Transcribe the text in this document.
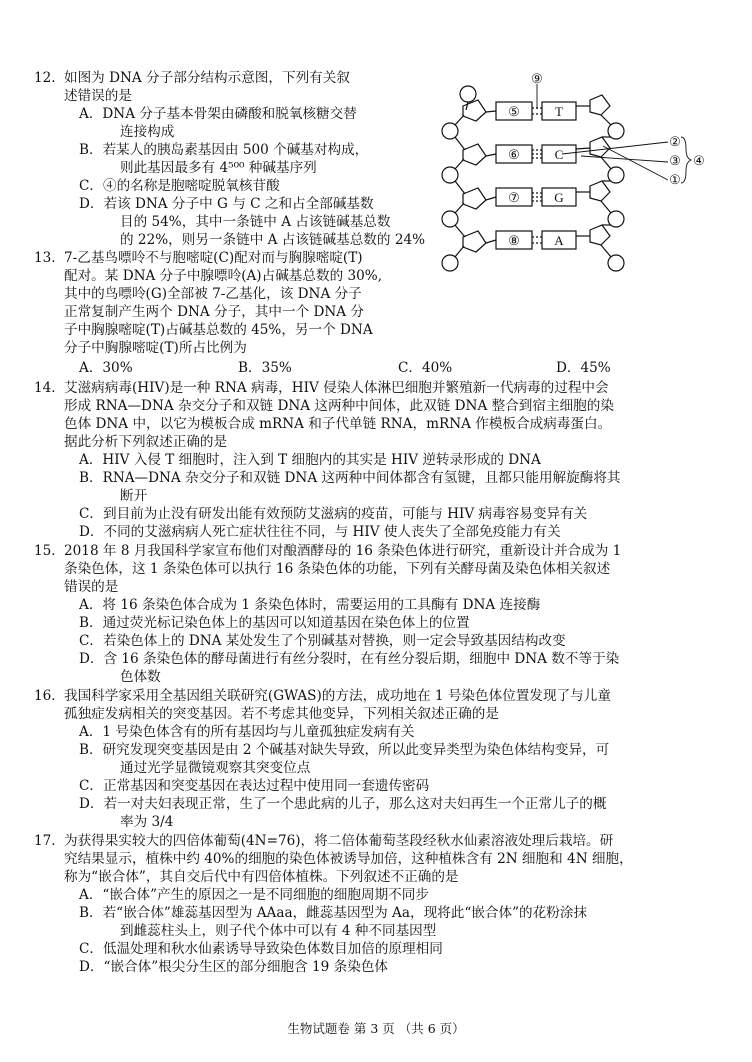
12. 如图为 DNA 分子部分结构示意图，下列有关叙
述错误的是
A．DNA 分子基本骨架由磷酸和脱氧核糖交替
连接构成
B．若某人的胰岛素基因由 500 个碱基对构成，
则此基因最多有 4⁵⁰⁰ 种碱基序列
C．④的名称是胞嘧啶脱氧核苷酸
D．若该 DNA 分子中 G 与 C 之和占全部碱基数
目的 54%，其中一条链中 A 占该链碱基总数
的 22%，则另一条链中 A 占该链碱基总数的 24%
13． 7-乙基鸟嘌呤不与胞嘧啶(C)配对而与胸腺嘧啶(T)
配对。某 DNA 分子中腺嘌呤(A)占碱基总数的 30%,
其中的鸟嘌呤(G)全部被 7-乙基化，该 DNA 分子
正常复制产生两个 DNA 分子，其中一个 DNA 分
子中胸腺嘧啶(T)占碱基总数的 45%，另一个 DNA
分子中胸腺嘧啶(T)所占比例为
A．30%	B．35%	C．40%	D．45%
14． 艾滋病病毒(HIV)是一种 RNA 病毒，HIV 侵染人体淋巴细胞并繁殖新一代病毒的过程中会
形成 RNA—DNA 杂交分子和双链 DNA 这两种中间体，此双链 DNA 整合到宿主细胞的染
色体 DNA 中，以它为模板合成 mRNA 和子代单链 RNA，mRNA 作模板合成病毒蛋白。
据此分析下列叙述正确的是
A．HIV 入侵 T 细胞时，注入到 T 细胞内的其实是 HIV 逆转录形成的 DNA
B．RNA—DNA 杂交分子和双链 DNA 这两种中间体都含有氢键，且都只能用解旋酶将其
断开
C．到目前为止没有研发出能有效预防艾滋病的疫苗，可能与 HIV 病毒容易变异有关
D．不同的艾滋病病人死亡症状往往不同，与 HIV 使人丧失了全部免疫能力有关
15． 2018 年 8 月我国科学家宣布他们对酿酒酵母的 16 条染色体进行研究，重新设计并合成为 1
条染色体，这 1 条染色体可以执行 16 条染色体的功能，下列有关酵母菌及染色体相关叙述
错误的是
A．将 16 条染色体合成为 1 条染色体时，需要运用的工具酶有 DNA 连接酶
B．通过荧光标记染色体上的基因可以知道基因在染色体上的位置
C．若染色体上的 DNA 某处发生了个别碱基对替换，则一定会导致基因结构改变
D．含 16 条染色体的酵母菌进行有丝分裂时，在有丝分裂后期，细胞中 DNA 数不等于染
色体数
16． 我国科学家采用全基因组关联研究(GWAS)的方法，成功地在 1 号染色体位置发现了与儿童
孤独症发病相关的突变基因。若不考虑其他变异，下列相关叙述正确的是
A．1 号染色体含有的所有基因均与儿童孤独症发病有关
B．研究发现突变基因是由 2 个碱基对缺失导致，所以此变异类型为染色体结构变异，可
通过光学显微镜观察其突变位点
C．正常基因和突变基因在表达过程中使用同一套遗传密码
D．若一对夫妇表现正常，生了一个患此病的儿子，那么这对夫妇再生一个正常儿子的概
率为 3/4
17． 为获得果实较大的四倍体葡萄(4N=76)，将二倍体葡萄茎段经秋水仙素溶液处理后栽培。研
究结果显示，植株中约 40%的细胞的染色体被诱导加倍，这种植株含有 2N 细胞和 4N 细胞，
称为“嵌合体”，其自交后代中有四倍体植株。下列叙述不正确的是
A．“嵌合体”产生的原因之一是不同细胞的细胞周期不同步
B．若“嵌合体”雄蕊基因型为 AAaa，雌蕊基因型为 Aa，现将此“嵌合体”的花粉涂抹
到雌蕊柱头上，则子代个体中可以有 4 种不同基因型
C．低温处理和秋水仙素诱导导致染色体数目加倍的原理相同
D．“嵌合体”根尖分生区的部分细胞含 19 条染色体
生物试题卷 第 3 页 （共 6 页）
⑨
②
③
①
④
⑤	T
⑥	C
⑦	G
⑧	A
